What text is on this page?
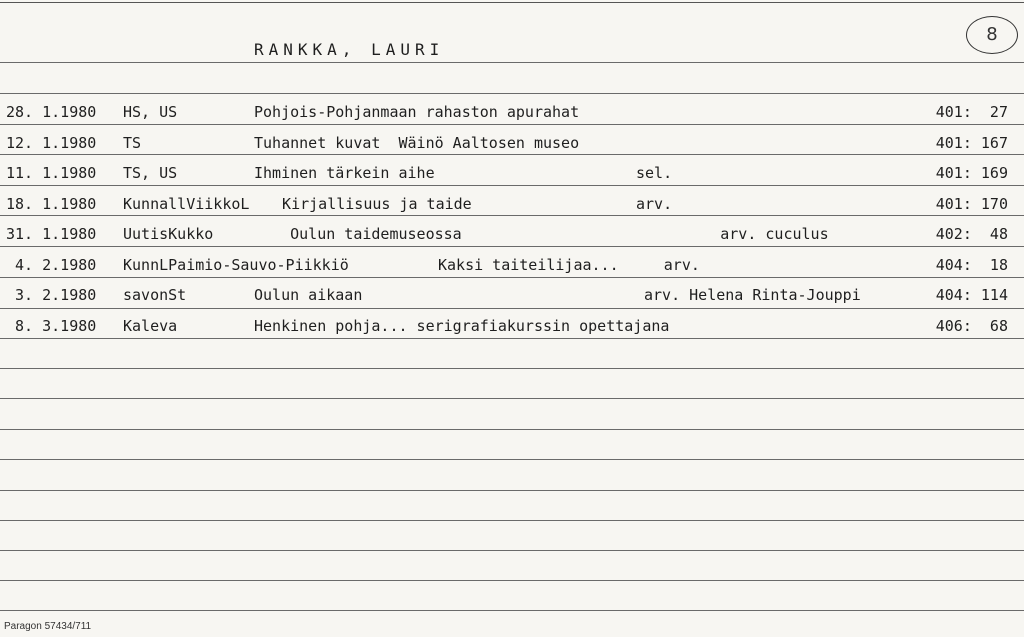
RANKKA, LAURI
8
28. 1.1980 HS, US	Pohjois-Pohjanmaan rahaston apurahat	401:  27
12. 1.1980 TS	Tuhannet kuvat  Wäinö Aaltosen museo	401: 167
11. 1.1980 TS, US	Ihminen tärkein aihe	sel.	401: 169
18. 1.1980 KunnallViikkoL Kirjallisuus ja taide	arv.	401: 170
31. 1.1980 UutisKukko	Oulun taidemuseossa	arv. cuculus	402:  48
4. 2.1980 KunnLPaimio-Sauvo-Piikkiö	Kaksi taiteilijaa...     arv.	404:  18
3. 2.1980 savonSt	Oulun aikaan	arv. Helena Rinta-Jouppi	404: 114
8. 3.1980 Kaleva	Henkinen pohja... serigrafiakurssin opettajana	406:  68
Paragon 57434/711
